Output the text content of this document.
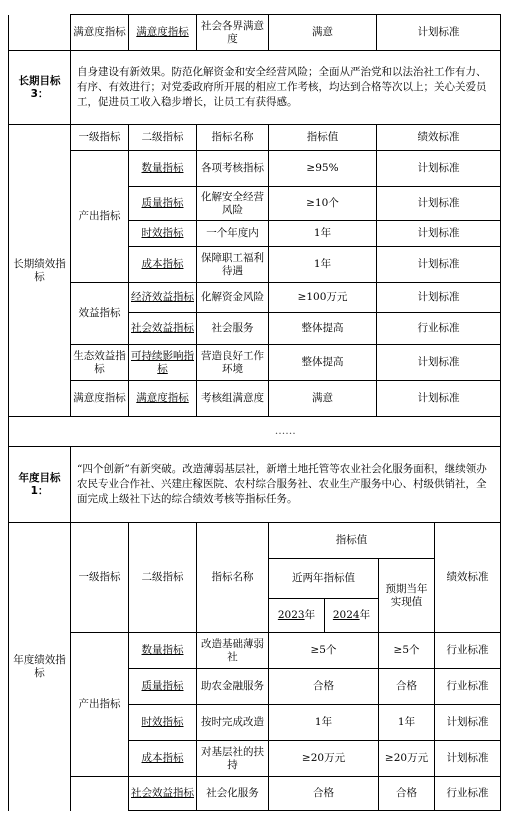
	满意度指标	满意度指标	社会各界满意度	满意	计划标准
长期目标3：	自身建设有新效果。防范化解资金和安全经营风险；全面从严治党和以法治社工作有力、有序、有效进行；对党委政府所开展的相应工作考核，均达到合格等次以上；关心关爱员工，促进员工收入稳步增长，让员工有获得感。				
长期绩效指标	一级指标	二级指标	指标名称	指标值	绩效标准
	产出指标	数量指标	各项考核指标	≥95%	计划标准
		质量指标	化解安全经营风险	≥10个	计划标准
		时效指标	一个年度内	1年	计划标准
		成本指标	保障职工福利待遇	1年	计划标准
	效益指标	经济效益指标	化解资金风险	≥100万元	计划标准
		社会效益指标	社会服务	整体提高	行业标准
	生态效益指标	可持续影响指标	营造良好工作环境	整体提高	计划标准
	满意度指标	满意度指标	考核组满意度	满意	计划标准
	……				
年度目标1：	“四个创新”有新突破。改造薄弱基层社，新增土地托管等农业社会化服务面积，继续领办农民专业合作社、兴建庄稼医院、农村综合服务社、农业生产服务中心、村级供销社，全面完成上级社下达的综合绩效考核等指标任务。				
年度绩效指标	一级指标	二级指标	指标名称	指标值			绩效标准
				近两年指标值		预期当年实现值	
				2023年	2024年		
	产出指标	数量指标	改造基础薄弱社	≥5个		≥5个	行业标准
		质量指标	助农金融服务	合格		合格	行业标准
		时效指标	按时完成改造	1年		1年	计划标准
		成本指标	对基层社的扶持	≥20万元		≥20万元	计划标准
		社会效益指标	社会化服务	合格		合格	行业标准
